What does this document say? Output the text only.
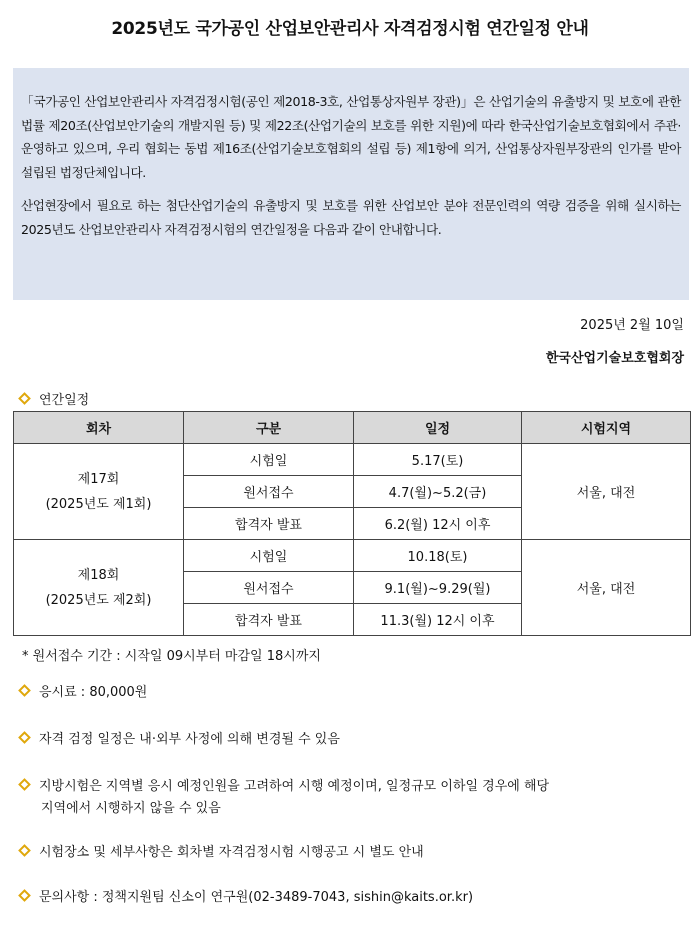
2025년도 국가공인 산업보안관리사 자격검정시험 연간일정 안내

「국가공인 산업보안관리사 자격검정시험(공인 제2018-3호, 산업통상자원부 장관)」은 산업기술의 유출방지 및 보호에 관한 법률 제20조(산업보안기술의 개발지원 등) 및 제22조(산업기술의 보호를 위한 지원)에 따라 한국산업기술보호협회에서 주관·운영하고 있으며, 우리 협회는 동법 제16조(산업기술보호협회의 설립 등) 제1항에 의거, 산업통상자원부장관의 인가를 받아 설립된 법정단체입니다.

산업현장에서 필요로 하는 첨단산업기술의 유출방지 및 보호를 위한 산업보안 분야 전문인력의 역량 검증을 위해 실시하는 2025년도 산업보안관리사 자격검정시험의 연간일정을 다음과 같이 안내합니다.

2025년 2월 10일
한국산업기술보호협회장
연간일정
회차	구분	일정	시험지역

제17회
(2025년도 제1회)	시험일	5.17(토)	서울, 대전
	원서접수	4.7(월)~5.2(금)	
	합격자 발표	6.2(월) 12시 이후	

제18회
(2025년도 제2회)	시험일	10.18(토)	서울, 대전
	원서접수	9.1(월)~9.29(월)	
	합격자 발표	11.3(월) 12시 이후	
* 원서접수 기간 : 시작일 09시부터 마감일 18시까지
응시료 : 80,000원
자격 검정 일정은 내·외부 사정에 의해 변경될 수 있음
지방시험은 지역별 응시 예정인원을 고려하여 시행 예정이며, 일정규모 이하일 경우에 해당
지역에서 시행하지 않을 수 있음
시험장소 및 세부사항은 회차별 자격검정시험 시행공고 시 별도 안내
문의사항 : 정책지원팀 신소이 연구원(02-3489-7043, sishin@kaits.or.kr)
